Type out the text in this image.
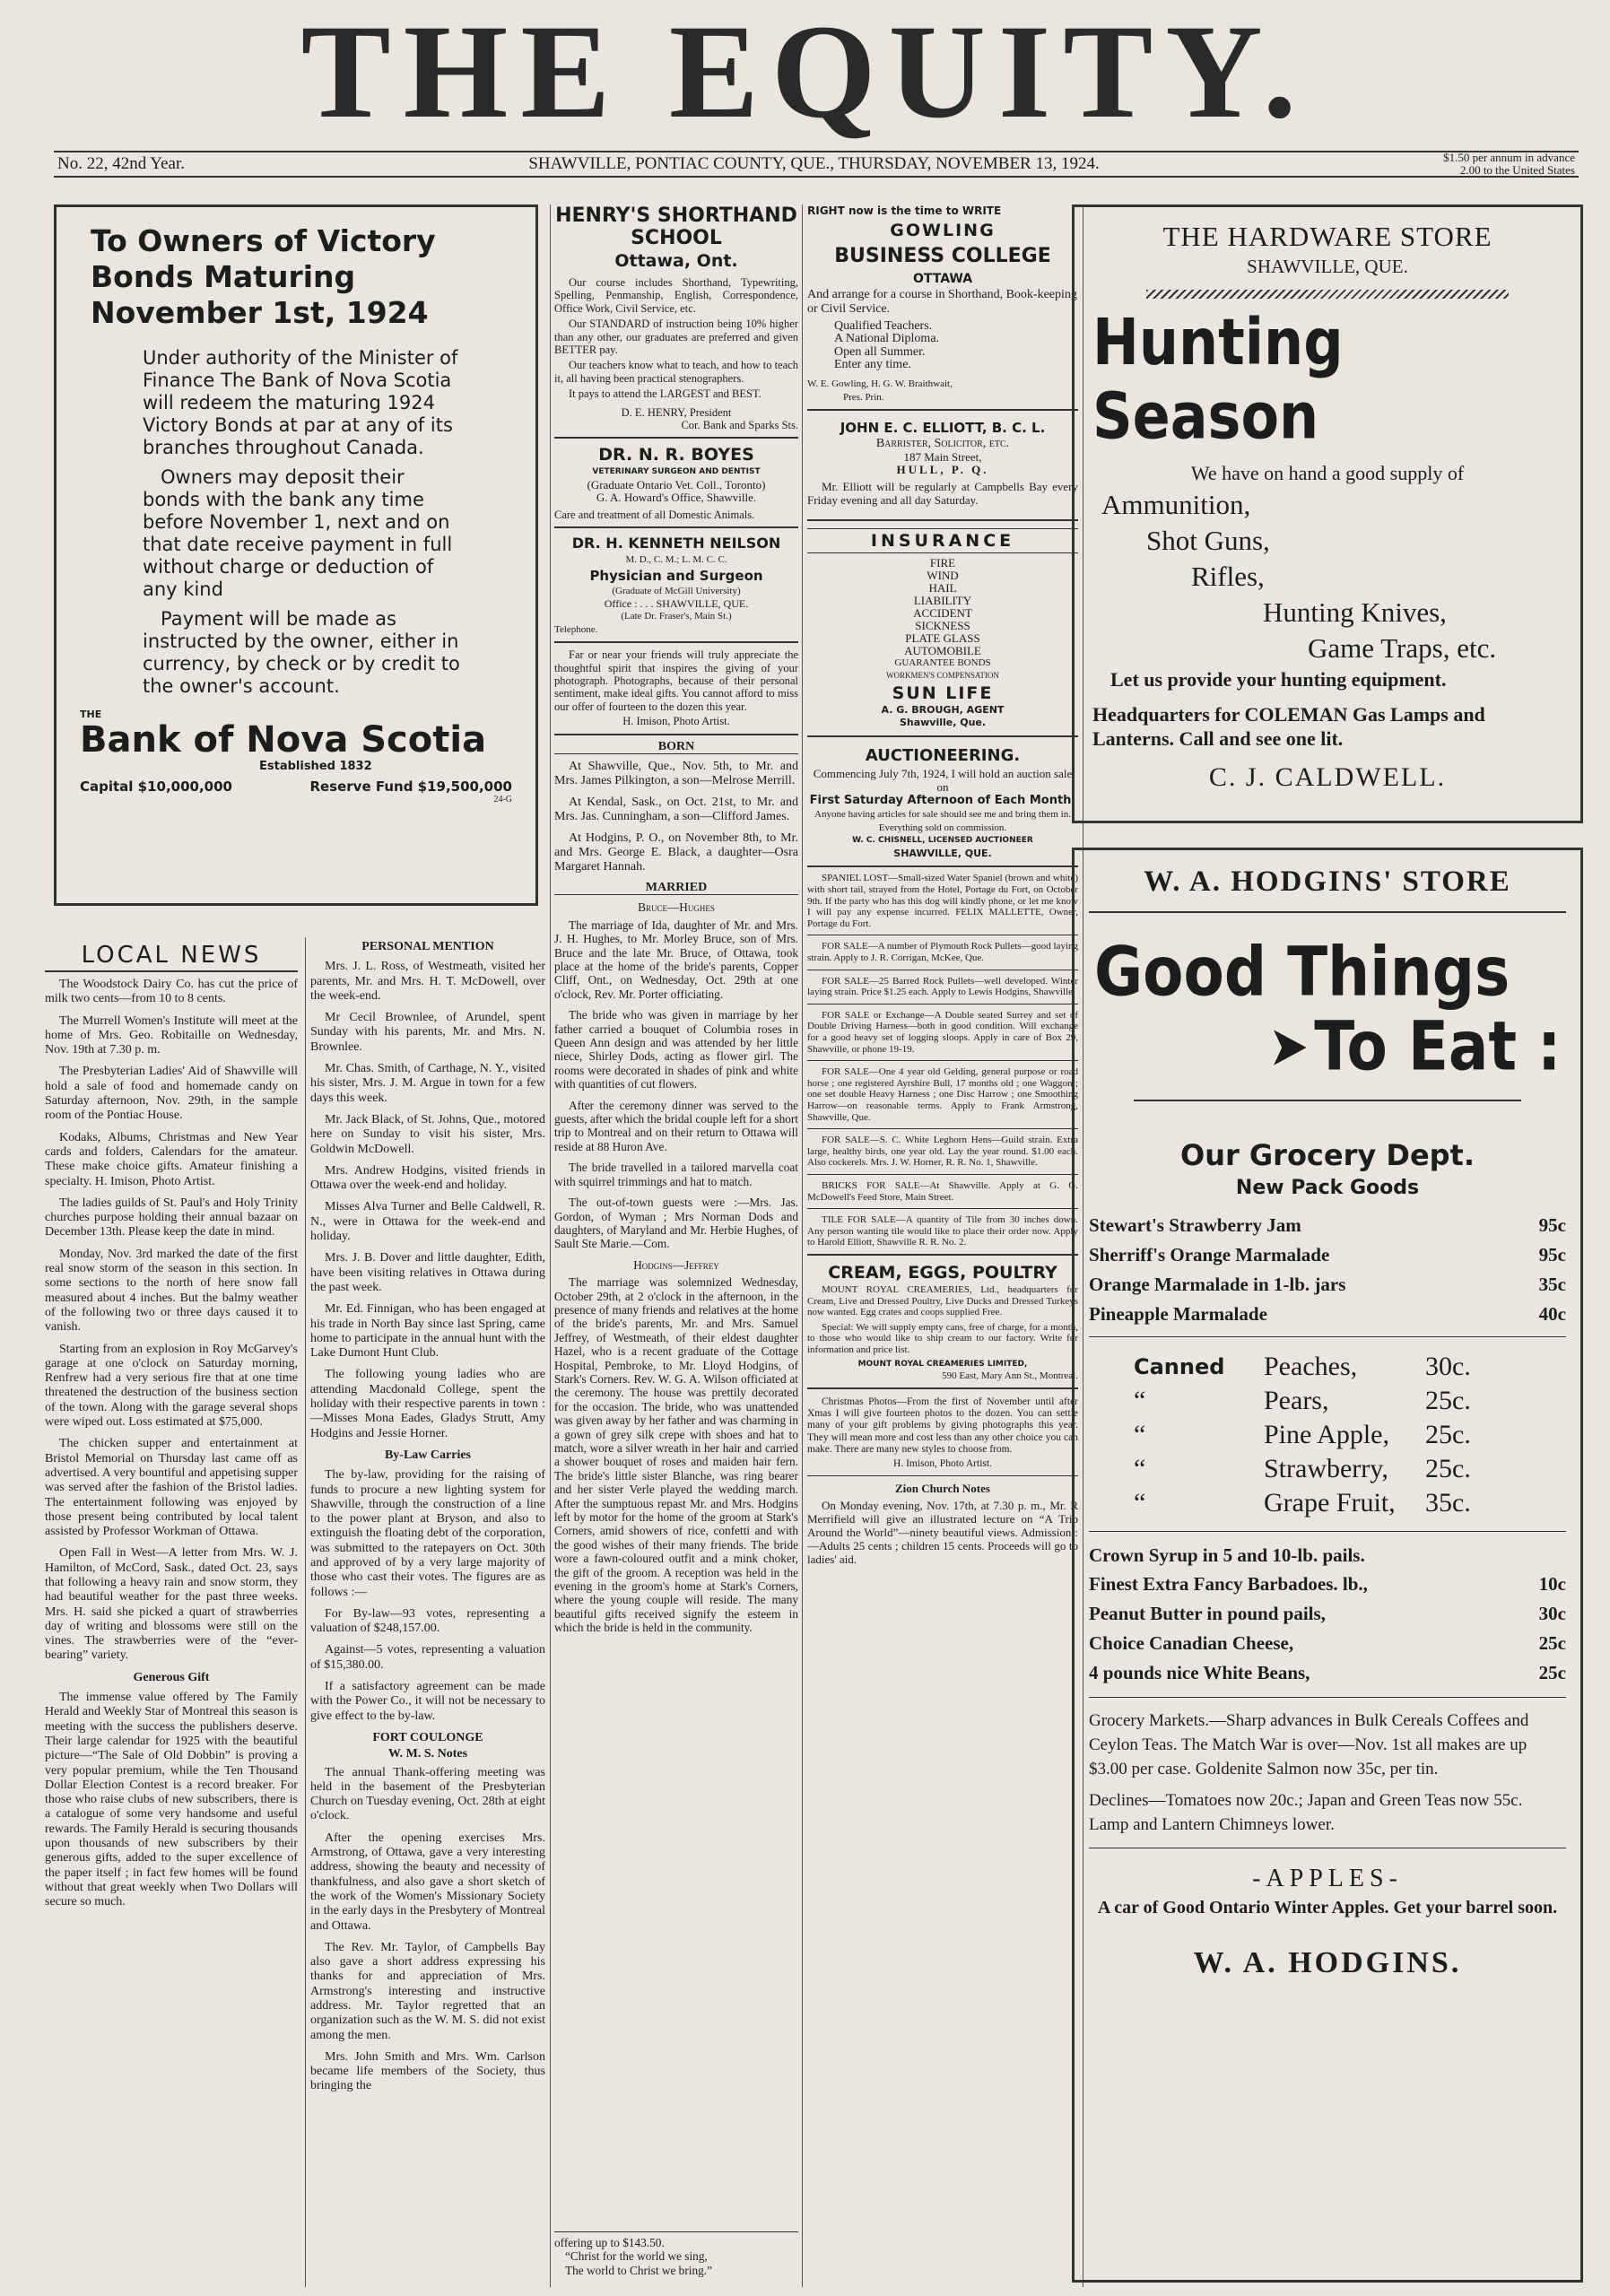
THE EQUITY.
No. 22, 42nd Year.	SHAWVILLE, PONTIAC COUNTY, QUE., THURSDAY, NOVEMBER 13, 1924.	$1.50 per annum in advance
2.00 to the United States
To Owners of Victory Bonds Maturing November 1st, 1924

Under authority of the Minister of Finance The Bank of Nova Scotia will redeem the maturing 1924 Victory Bonds at par at any of its branches throughout Canada.

Owners may deposit their bonds with the bank any time before November 1, next and on that date receive payment in full without charge or deduction of any kind

Payment will be made as instructed by the owner, either in currency, by check or by credit to the owner's account.

THE
Bank of Nova Scotia
Established 1832
Capital $10,000,000	Reserve Fund $19,500,000
24-G
LOCAL NEWS

The Woodstock Dairy Co. has cut the price of milk two cents—from 10 to 8 cents.

The Murrell Women's Institute will meet at the home of Mrs. Geo. Robitaille on Wednesday, Nov. 19th at 7.30 p. m.

The Presbyterian Ladies' Aid of Shawville will hold a sale of food and homemade candy on Saturday afternoon, Nov. 29th, in the sample room of the Pontiac House.

Kodaks, Albums, Christmas and New Year cards and folders, Calendars for the amateur. These make choice gifts. Amateur finishing a specialty. H. Imison, Photo Artist.

The ladies guilds of St. Paul's and Holy Trinity churches purpose holding their annual bazaar on December 13th. Please keep the date in mind.

Monday, Nov. 3rd marked the date of the first real snow storm of the season in this section. In some sections to the north of here snow fall measured about 4 inches. But the balmy weather of the following two or three days caused it to vanish.

Starting from an explosion in Roy McGarvey's garage at one o'clock on Saturday morning, Renfrew had a very serious fire that at one time threatened the destruction of the business section of the town. Along with the garage several shops were wiped out. Loss estimated at $75,000.

The chicken supper and entertainment at Bristol Memorial on Thursday last came off as advertised. A very bountiful and appetising supper was served after the fashion of the Bristol ladies. The entertainment following was enjoyed by those present being contributed by local talent assisted by Professor Workman of Ottawa.

Open Fall in West—A letter from Mrs. W. J. Hamilton, of McCord, Sask., dated Oct. 23, says that following a heavy rain and snow storm, they had beautiful weather for the past three weeks. Mrs. H. said she picked a quart of strawberries day of writing and blossoms were still on the vines. The strawberries were of the “ever-bearing” variety.

Generous Gift

The immense value offered by The Family Herald and Weekly Star of Montreal this season is meeting with the success the publishers deserve. Their large calendar for 1925 with the beautiful picture—“The Sale of Old Dobbin” is proving a very popular premium, while the Ten Thousand Dollar Election Contest is a record breaker. For those who raise clubs of new subscribers, there is a catalogue of some very handsome and useful rewards. The Family Herald is securing thousands upon thousands of new subscribers by their generous gifts, added to the super excellence of the paper itself ; in fact few homes will be found without that great weekly when Two Dollars will secure so much.

PERSONAL MENTION

Mrs. J. L. Ross, of Westmeath, visited her parents, Mr. and Mrs. H. T. McDowell, over the week-end.

Mr Cecil Brownlee, of Arundel, spent Sunday with his parents, Mr. and Mrs. N. Brownlee.

Mr. Chas. Smith, of Carthage, N. Y., visited his sister, Mrs. J. M. Argue in town for a few days this week.

Mr. Jack Black, of St. Johns, Que., motored here on Sunday to visit his sister, Mrs. Goldwin McDowell.

Mrs. Andrew Hodgins, visited friends in Ottawa over the week-end and holiday.

Misses Alva Turner and Belle Caldwell, R. N., were in Ottawa for the week-end and holiday.

Mrs. J. B. Dover and little daughter, Edith, have been visiting relatives in Ottawa during the past week.

Mr. Ed. Finnigan, who has been engaged at his trade in North Bay since last Spring, came home to participate in the annual hunt with the Lake Dumont Hunt Club.

The following young ladies who are attending Macdonald College, spent the holiday with their respective parents in town :—Misses Mona Eades, Gladys Strutt, Amy Hodgins and Jessie Horner.

By-Law Carries

The by-law, providing for the raising of funds to procure a new lighting system for Shawville, through the construction of a line to the power plant at Bryson, and also to extinguish the floating debt of the corporation, was submitted to the ratepayers on Oct. 30th and approved of by a very large majority of those who cast their votes. The figures are as follows :—

For By-law—93 votes, representing a valuation of $248,157.00.

Against—5 votes, representing a valuation of $15,380.00.

If a satisfactory agreement can be made with the Power Co., it will not be necessary to give effect to the by-law.

FORT COULONGE
W. M. S. Notes

The annual Thank-offering meeting was held in the basement of the Presbyterian Church on Tuesday evening, Oct. 28th at eight o'clock.

After the opening exercises Mrs. Armstrong, of Ottawa, gave a very interesting address, showing the beauty and necessity of thankfulness, and also gave a short sketch of the work of the Women's Missionary Society in the early days in the Presbytery of Montreal and Ottawa.

The Rev. Mr. Taylor, of Campbells Bay also gave a short address expressing his thanks for and appreciation of Mrs. Armstrong's interesting and instructive address. Mr. Taylor regretted that an organization such as the W. M. S. did not exist among the men.

Mrs. John Smith and Mrs. Wm. Carlson became life members of the Society, thus bringing the

HENRY'S SHORTHAND SCHOOL
Ottawa, Ont.

Our course includes Shorthand, Typewriting, Spelling, Penmanship, English, Correspondence, Office Work, Civil Service, etc.

Our STANDARD of instruction being 10% higher than any other, our graduates are preferred and given BETTER pay.

Our teachers know what to teach, and how to teach it, all having been practical stenographers.

It pays to attend the LARGEST and BEST.

D. E. HENRY, President
Cor. Bank and Sparks Sts.
DR. N. R. BOYES
VETERINARY SURGEON AND DENTIST
(Graduate Ontario Vet. Coll., Toronto)
G. A. Howard's Office, Shawville.
Care and treatment of all Domestic Animals.
DR. H. KENNETH NEILSON
M. D., C. M.; L. M. C. C.
Physician and Surgeon
(Graduate of McGill University)
Office : . . . SHAWVILLE, QUE.
(Late Dr. Fraser's, Main St.)
Telephone.

Far or near your friends will truly appreciate the thoughtful spirit that inspires the giving of your photograph. Photographs, because of their personal sentiment, make ideal gifts. You cannot afford to miss our offer of fourteen to the dozen this year.

H. Imison, Photo Artist.
BORN

At Shawville, Que., Nov. 5th, to Mr. and Mrs. James Pilkington, a son—Melrose Merrill.

At Kendal, Sask., on Oct. 21st, to Mr. and Mrs. Jas. Cunningham, a son—Clifford James.

At Hodgins, P. O., on November 8th, to Mr. and Mrs. George E. Black, a daughter—Osra Margaret Hannah.

MARRIED
Bruce—Hughes

The marriage of Ida, daughter of Mr. and Mrs. J. H. Hughes, to Mr. Morley Bruce, son of Mrs. Bruce and the late Mr. Bruce, of Ottawa, took place at the home of the bride's parents, Copper Cliff, Ont., on Wednesday, Oct. 29th at one o'clock, Rev. Mr. Porter officiating.

The bride who was given in marriage by her father carried a bouquet of Columbia roses in Queen Ann design and was attended by her little niece, Shirley Dods, acting as flower girl. The rooms were decorated in shades of pink and white with quantities of cut flowers.

After the ceremony dinner was served to the guests, after which the bridal couple left for a short trip to Montreal and on their return to Ottawa will reside at 88 Huron Ave.

The bride travelled in a tailored marvella coat with squirrel trimmings and hat to match.

The out-of-town guests were :—Mrs. Jas. Gordon, of Wyman ; Mrs Norman Dods and daughters, of Maryland and Mr. Herbie Hughes, of Sault Ste Marie.—Com.

Hodgins—Jeffrey

The marriage was solemnized Wednesday, October 29th, at 2 o'clock in the afternoon, in the presence of many friends and relatives at the home of the bride's parents, Mr. and Mrs. Samuel Jeffrey, of Westmeath, of their eldest daughter Hazel, who is a recent graduate of the Cottage Hospital, Pembroke, to Mr. Lloyd Hodgins, of Stark's Corners. Rev. W. G. A. Wilson officiated at the ceremony. The house was prettily decorated for the occasion. The bride, who was unattended was given away by her father and was charming in a gown of grey silk crepe with shoes and hat to match, wore a silver wreath in her hair and carried a shower bouquet of roses and maiden hair fern. The bride's little sister Blanche, was ring bearer and her sister Verle played the wedding march. After the sumptuous repast Mr. and Mrs. Hodgins left by motor for the home of the groom at Stark's Corners, amid showers of rice, confetti and with the good wishes of their many friends. The bride wore a fawn-coloured outfit and a mink choker, the gift of the groom. A reception was held in the evening in the groom's home at Stark's Corners, where the young couple will reside. The many beautiful gifts received signify the esteem in which the bride is held in the community.

offering up to $143.50.
“Christ for the world we sing,
The world to Christ we bring.”
RIGHT now is the time to WRITE
GOWLING
BUSINESS COLLEGE
OTTAWA

And arrange for a course in Shorthand, Book-keeping or Civil Service.

Qualified Teachers.
A National Diploma.
Open all Summer.
Enter any time.
W. E. Gowling, H. G. W. Braithwait,
Pres. Prin.
JOHN E. C. ELLIOTT, B. C. L.
Barrister, Solicitor, etc.
187 Main Street,
HULL, P. Q.

Mr. Elliott will be regularly at Campbells Bay every Friday evening and all day Saturday.

INSURANCE
FIRE
WIND
HAIL
LIABILITY
ACCIDENT
SICKNESS
PLATE GLASS
AUTOMOBILE
GUARANTEE BONDS
WORKMEN'S COMPENSATION
SUN LIFE
A. G. BROUGH, AGENT
Shawville, Que.
AUCTIONEERING.
Commencing July 7th, 1924, I will hold an auction sale on
First Saturday Afternoon of Each Month.
Anyone having articles for sale should see me and bring them in.
Everything sold on commission.
W. C. CHISNELL, LICENSED AUCTIONEER
SHAWVILLE, QUE.

SPANIEL LOST—Small-sized Water Spaniel (brown and white) with short tail, strayed from the Hotel, Portage du Fort, on October 9th. If the party who has this dog will kindly phone, or let me know I will pay any expense incurred. FELIX MALLETTE, Owner, Portage du Fort.

FOR SALE—A number of Plymouth Rock Pullets—good laying strain. Apply to J. R. Corrigan, McKee, Que.

FOR SALE—25 Barred Rock Pullets—well developed. Winter laying strain. Price $1.25 each. Apply to Lewis Hodgins, Shawville.

FOR SALE or Exchange—A Double seated Surrey and set of Double Driving Harness—both in good condition. Will exchange for a good heavy set of logging sloops. Apply in care of Box 29, Shawville, or phone 19-19.

FOR SALE—One 4 year old Gelding, general purpose or road horse ; one registered Ayrshire Bull, 17 months old ; one Waggon ; one set double Heavy Harness ; one Disc Harrow ; one Smoothing Harrow—on reasonable terms. Apply to Frank Armstrong, Shawville, Que.

FOR SALE—S. C. White Leghorn Hens—Guild strain. Extra large, healthy birds, one year old. Lay the year round. $1.00 each. Also cockerels. Mrs. J. W. Horner, R. R. No. 1, Shawville.

BRICKS FOR SALE—At Shawville. Apply at G. G. McDowell's Feed Store, Main Street.

TILE FOR SALE—A quantity of Tile from 30 inches down. Any person wanting tile would like to place their order now. Apply to Harold Elliott, Shawville R. R. No. 2.

CREAM, EGGS, POULTRY

MOUNT ROYAL CREAMERIES, Ltd., headquarters for Cream, Live and Dressed Poultry, Live Ducks and Dressed Turkeys now wanted. Egg crates and coops supplied Free.

Special: We will supply empty cans, free of charge, for a month, to those who would like to ship cream to our factory. Write for information and price list.

MOUNT ROYAL CREAMERIES LIMITED,
590 East, Mary Ann St., Montreal.

Christmas Photos—From the first of November until after Xmas I will give fourteen photos to the dozen. You can settle many of your gift problems by giving photographs this year. They will mean more and cost less than any other choice you can make. There are many new styles to choose from.

H. Imison, Photo Artist.
Zion Church Notes

On Monday evening, Nov. 17th, at 7.30 p. m., Mr. R Merrifield will give an illustrated lecture on “A Trip Around the World”—ninety beautiful views. Admission :—Adults 25 cents ; children 15 cents. Proceeds will go to ladies' aid.

THE HARDWARE STORE
SHAWVILLE, QUE.
Hunting Season
We have on hand a good supply of
Ammunition,
Shot Guns,
Rifles,
Hunting Knives,
Game Traps, etc.
Let us provide your hunting equipment.
Headquarters for COLEMAN Gas Lamps and Lanterns. Call and see one lit.
C. J. CALDWELL.
W. A. HODGINS' STORE
Good Things
➤ To Eat :
Our Grocery Dept.
New Pack Goods
Stewart's Strawberry Jam	95c
Sherriff's Orange Marmalade	95c
Orange Marmalade in 1-lb. jars	35c
Pineapple Marmalade	40c
Canned	Peaches,	30c.
“	Pears,	25c.
“	Pine Apple,	25c.
“	Strawberry,	25c.
“	Grape Fruit,	35c.
Crown Syrup in 5 and 10-lb. pails.
Finest Extra Fancy Barbadoes. lb.,	10c
Peanut Butter in pound pails,	30c
Choice Canadian Cheese,	25c
4 pounds nice White Beans,	25c
Grocery Markets.—Sharp advances in Bulk Cereals Coffees and Ceylon Teas. The Match War is over—Nov. 1st all makes are up $3.00 per case. Goldenite Salmon now 35c, per tin.
Declines—Tomatoes now 20c.; Japan and Green Teas now 55c. Lamp and Lantern Chimneys lower.
-APPLES-
A car of Good Ontario Winter Apples. Get your barrel soon.
W. A. HODGINS.
